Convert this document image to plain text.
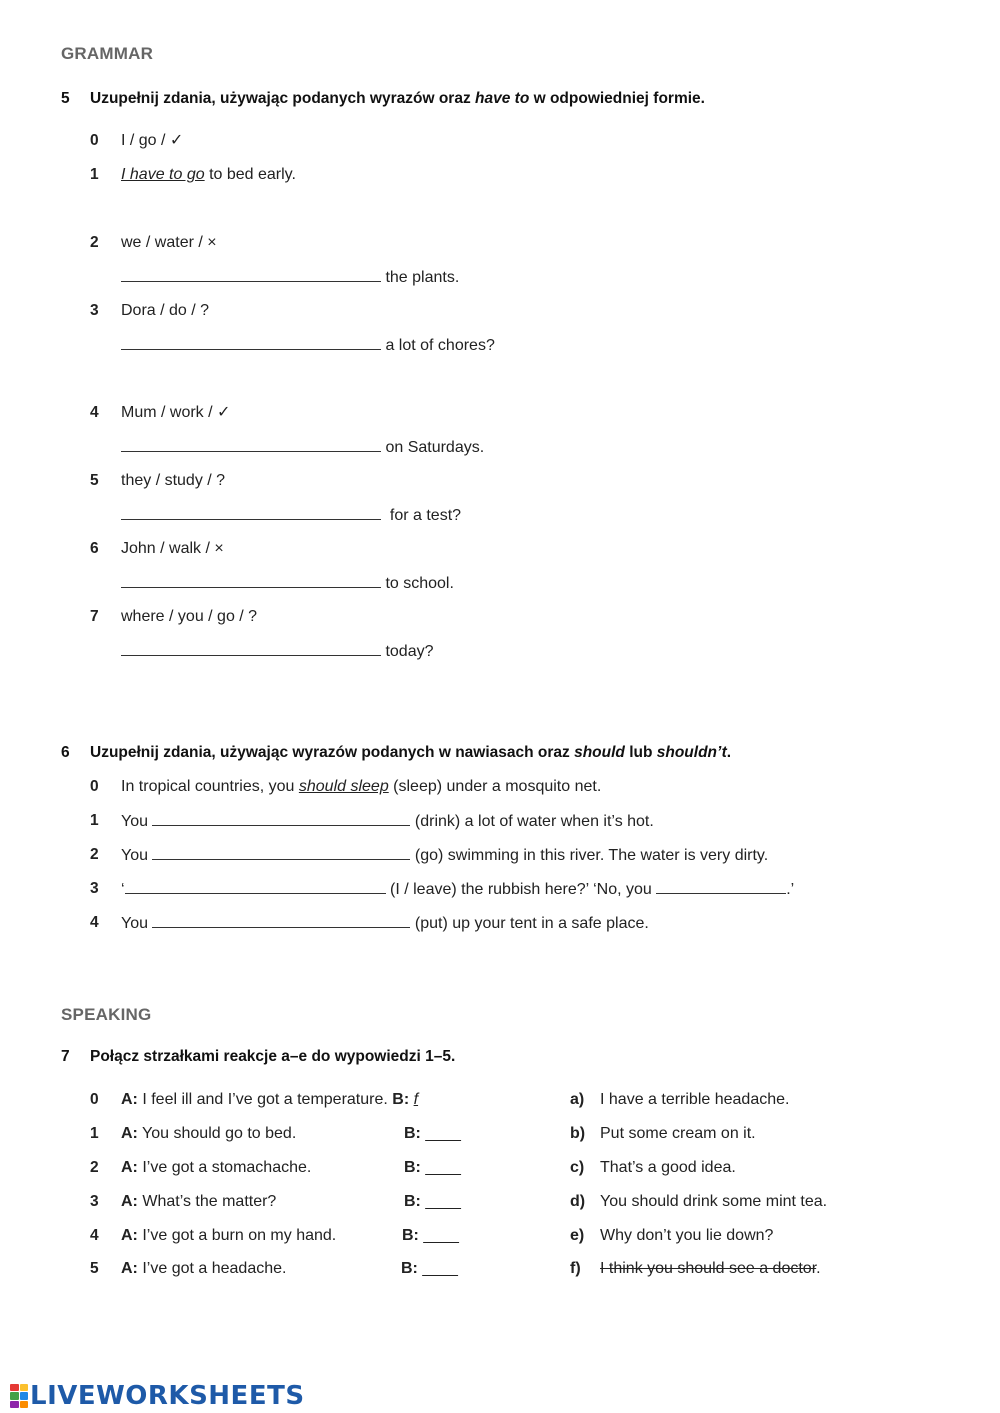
GRAMMAR
5 Uzupełnij zdania, używając podanych wyrazów oraz have to w odpowiedniej formie.
0 I / go / ✓
1 I have to go to bed early.
2 we / water / ×
the plants.
3 Dora / do / ?
a lot of chores?
4 Mum / work / ✓
on Saturdays.
5 they / study / ?
for a test?
6 John / walk / ×
to school.
7 where / you / go / ?
today?
6 Uzupełnij zdania, używając wyrazów podanych w nawiasach oraz should lub shouldn’t.
0 In tropical countries, you should sleep (sleep) under a mosquito net.
1 You	(drink) a lot of water when it’s hot.
2 You	(go) swimming in this river. The water is very dirty.
3 ‘	(I / leave) the rubbish here?’ ‘No, you	.’
4 You	(put) up your tent in a safe place.
SPEAKING
7 Połącz strzałkami reakcje a–e do wypowiedzi 1–5.
0 A: I feel ill and I’ve got a temperature. B: f
1 A: You should go to bed.	B: ____
2 A: I’ve got a stomachache.	B: ____
3 A: What’s the matter?	B: ____
4 A: I’ve got a burn on my hand.	B: ____
5 A: I’ve got a headache.	B: ____
a) I have a terrible headache.
b) Put some cream on it.
c) That’s a good idea.
d) You should drink some mint tea.
e) Why don’t you lie down?
f) I think you should see a doctor.
LIVEWORKSHEETS
